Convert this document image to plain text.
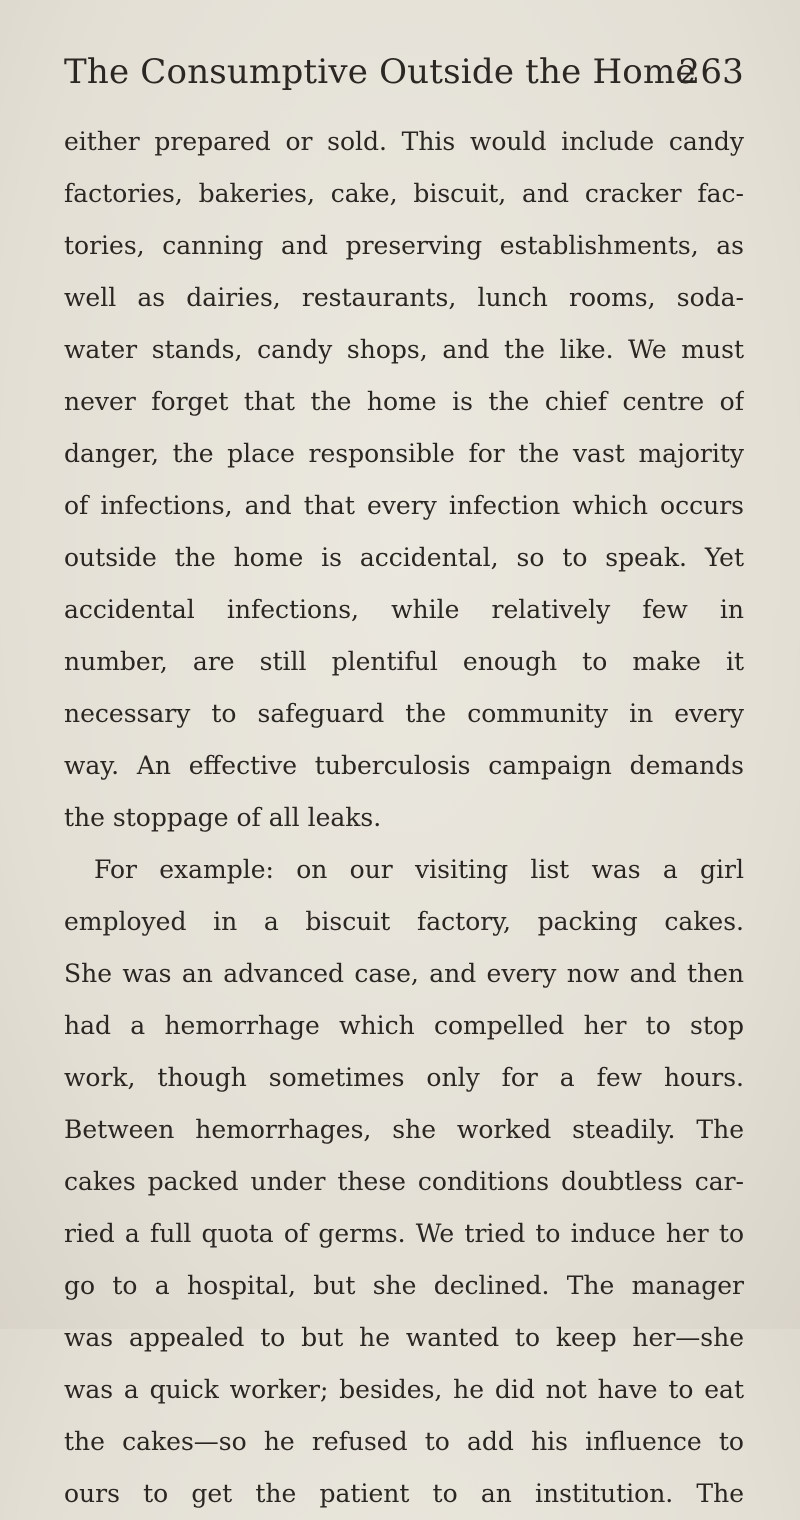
The Consumptive Outside the Home
263
either prepared or sold. This would include candy
factories, bakeries, cake, biscuit, and cracker fac-
tories, canning and preserving establishments, as
well as dairies, restaurants, lunch rooms, soda-
water stands, candy shops, and the like. We must
never forget that the home is the chief centre of
danger, the place responsible for the vast majority
of infections, and that every infection which occurs
outside the home is accidental, so to speak. Yet
accidental infections, while relatively few in
number, are still plentiful enough to make it
necessary to safeguard the community in every
way. An effective tuberculosis campaign demands
the stoppage of all leaks.
For example: on our visiting list was a girl
employed in a biscuit factory, packing cakes.
She was an advanced case, and every now and then
had a hemorrhage which compelled her to stop
work, though sometimes only for a few hours.
Between hemorrhages, she worked steadily. The
cakes packed under these conditions doubtless car-
ried a full quota of germs. We tried to induce her to
go to a hospital, but she declined. The manager
was appealed to but he wanted to keep her—she
was a quick worker; besides, he did not have to eat
the cakes—so he refused to add his influence to
ours to get the patient to an institution. The
